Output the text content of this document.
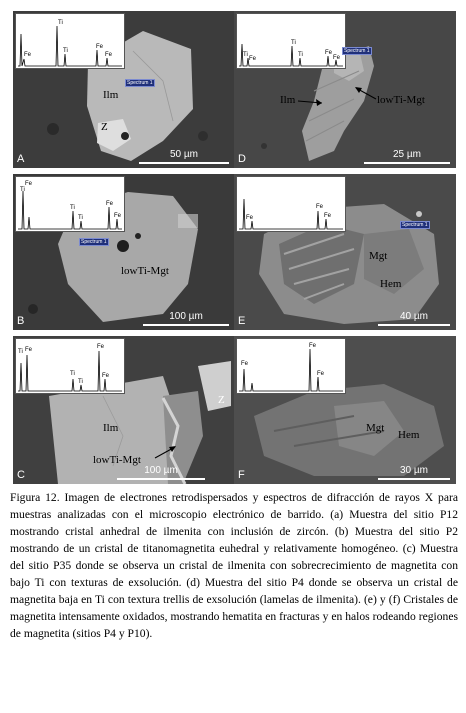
Fe
Ti
Ti
Fe
Fe
Spectrum 1
Ilm
Z
A	50 µm
Ti
Fe
Ti
Ti	Fe
Fe
Spectrum 1
Ilm	lowTi-Mgt
D	25 µm
Fe
Ti
Ti
Ti
Fe
Fe
Spectrum 1
lowTi-Mgt
B	100 µm
Fe
Fe
Fe
Spectrum 1
Mgt
Hem
E	40 µm
Ti Fe
Ti
Ti
Fe
Fe
Ilm
lowTi-Mgt
Z
C	100 µm
Fe
Fe
Fe
Mgt
Hem
F	30 µm
Figura 12. Imagen de electrones retrodispersados y espectros de difracción de rayos X para muestras analizadas con el microscopio electrónico de barrido. (a) Muestra del sitio P12 mostrando cristal anhedral de ilmenita con inclusión de zircón. (b) Muestra del sitio P2 mostrando de un cristal de titanomagnetita euhedral y relativamente homogéneo. (c) Muestra del sitio P35 donde se observa un cristal de ilmenita con sobrecrecimiento de magnetita con bajo Ti con texturas de exsolución. (d) Muestra del sitio P4 donde se observa un cristal de magnetita baja en Ti con textura trellis de exsolución (lamelas de ilmenita). (e) y (f) Cristales de magnetita intensamente oxidados, mostrando hematita en fracturas y en halos rodeando regiones de magnetita (sitios P4 y P10).
